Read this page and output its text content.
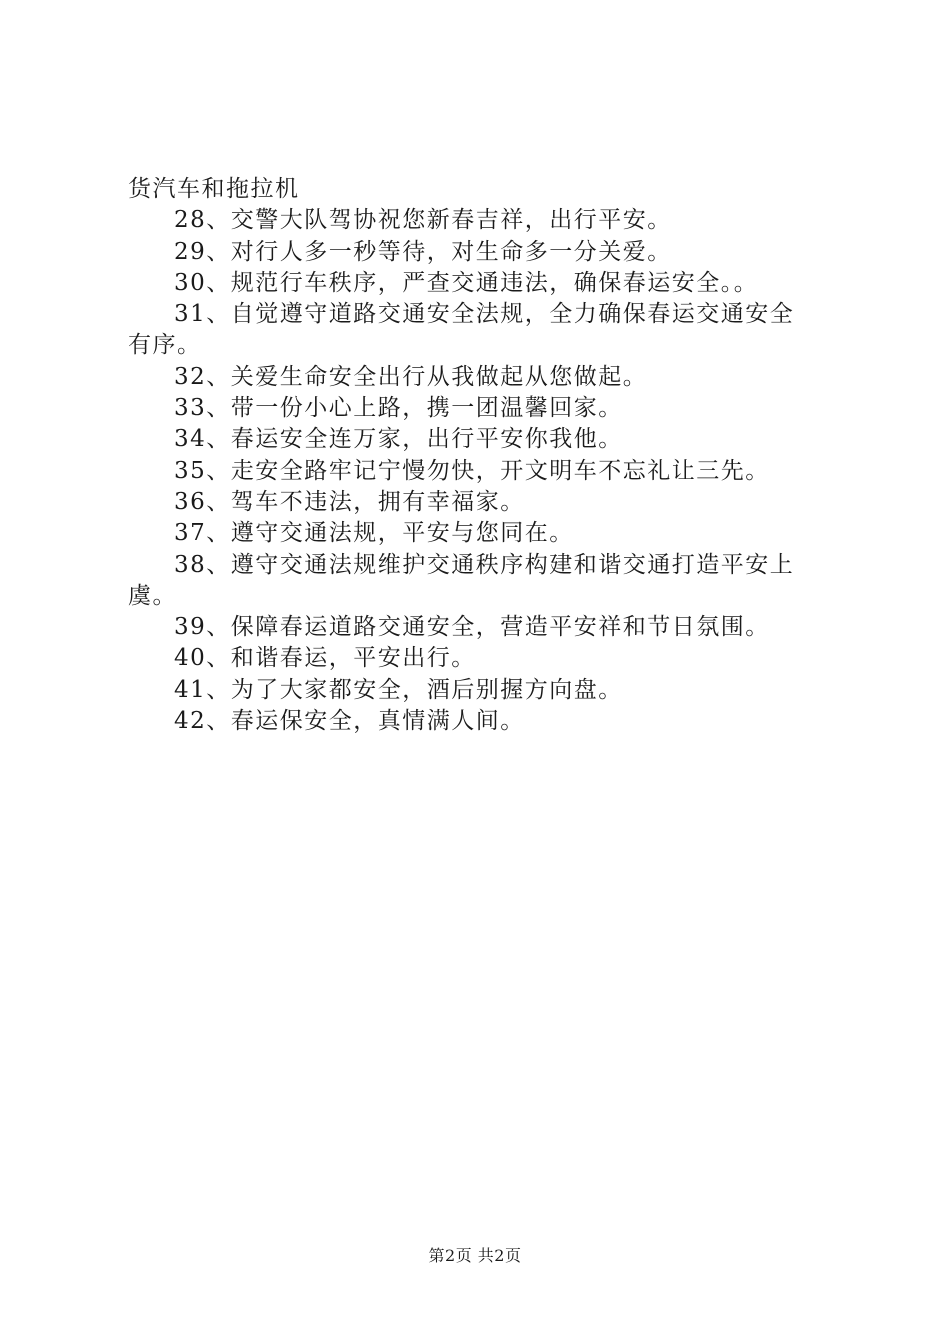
货汽车和拖拉机
28、交警大队驾协祝您新春吉祥，出行平安。
29、对行人多一秒等待，对生命多一分关爱。
30、规范行车秩序，严查交通违法，确保春运安全。。
31、自觉遵守道路交通安全法规，全力确保春运交通安全
有序。
32、关爱生命安全出行从我做起从您做起。
33、带一份小心上路，携一团温馨回家。
34、春运安全连万家，出行平安你我他。
35、走安全路牢记宁慢勿快，开文明车不忘礼让三先。
36、驾车不违法，拥有幸福家。
37、遵守交通法规，平安与您同在。
38、遵守交通法规维护交通秩序构建和谐交通打造平安上
虞。
39、保障春运道路交通安全，营造平安祥和节日氛围。
40、和谐春运，平安出行。
41、为了大家都安全，酒后别握方向盘。
42、春运保安全，真情满人间。
第2页 共2页
